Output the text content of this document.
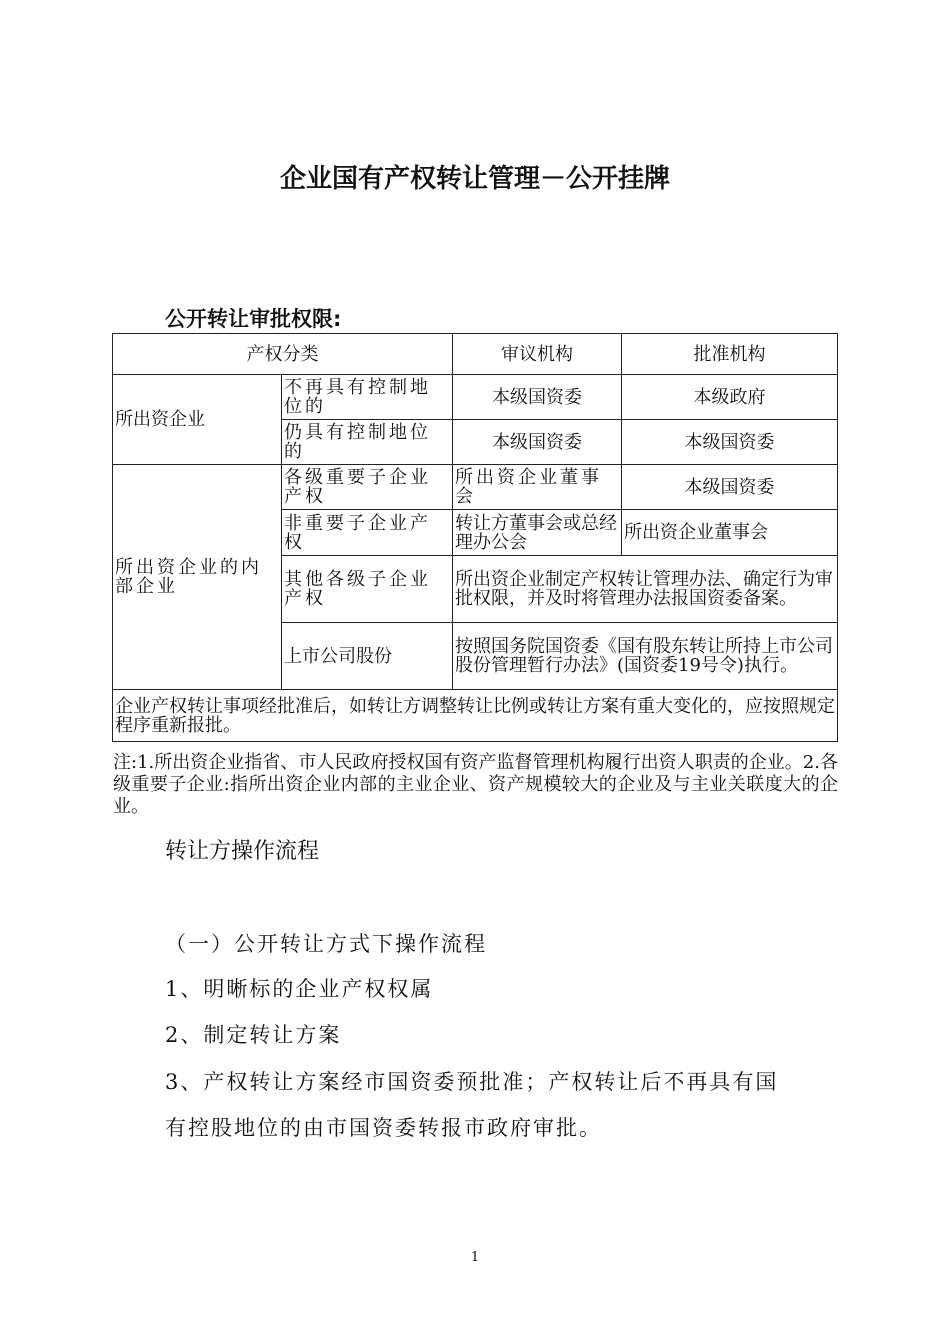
企业国有产权转让管理－公开挂牌
公开转让审批权限:
产权分类		审议机构	批准机构
所出资企业	不再具有控制地位的	本级国资委	本级政府
	仍具有控制地位的	本级国资委	本级国资委
所出资企业的内部企业	各级重要子企业产权	所出资企业董事会	本级国资委
	非重要子企业产权	转让方董事会或总经理办公会	所出资企业董事会
	其他各级子企业产权	所出资企业制定产权转让管理办法、确定行为审批权限，并及时将管理办法报国资委备案。	
	上市公司股份	按照国务院国资委《国有股东转让所持上市公司股份管理暂行办法》(国资委19号令)执行。	
企业产权转让事项经批准后，如转让方调整转让比例或转让方案有重大变化的，应按照规定程序重新报批。			
注:1.所出资企业指省、市人民政府授权国有资产监督管理机构履行出资人职责的企业。2.各级重要子企业:指所出资企业内部的主业企业、资产规模较大的企业及与主业关联度大的企业。
转让方操作流程
（一）公开转让方式下操作流程
1、明晰标的企业产权权属
2、制定转让方案
3、产权转让方案经市国资委预批准；产权转让后不再具有国
有控股地位的由市国资委转报市政府审批。
1
